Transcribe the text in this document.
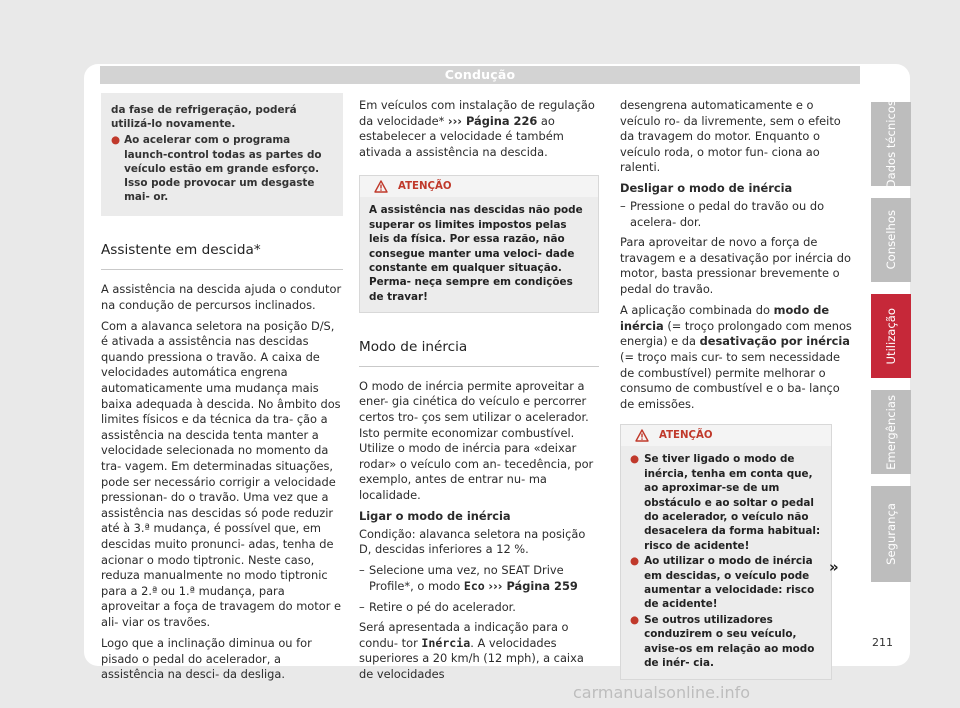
Condução
da fase de refrigeração, poderá utilizá-lo novamente.
● Ao acelerar com o programa launch-control todas as partes do veículo estão em grande esforço. Isso pode provocar um desgaste mai- or.
Assistente em descida*

A assistência na descida ajuda o condutor na condução de percursos inclinados.

Com a alavanca seletora na posição D/S, é ativada a assistência nas descidas quando pressiona o travão. A caixa de velocidades automática engrena automaticamente uma mudança mais baixa adequada à descida. No âmbito dos limites físicos e da técnica da tra- ção a assistência na descida tenta manter a velocidade selecionada no momento da tra- vagem. Em determinadas situações, pode ser necessário corrigir a velocidade pressionan- do o travão. Uma vez que a assistência nas descidas só pode reduzir até à 3.ª mudança, é possível que, em descidas muito pronunci- adas, tenha de acionar o modo tiptronic. Neste caso, reduza manualmente no modo tiptronic para a 2.ª ou 1.ª mudança, para aproveitar a foça de travagem do motor e ali- viar os travões.

Logo que a inclinação diminua ou for pisado o pedal do acelerador, a assistência na desci- da desliga.

Em veículos com instalação de regulação da velocidade* ››› Página 226 ao estabelecer a velocidade é também ativada a assistência na descida.

ATENÇÃO
A assistência nas descidas não pode superar os limites impostos pelas leis da física. Por essa razão, não consegue manter uma veloci- dade constante em qualquer situação. Perma- neça sempre em condições de travar!
Modo de inércia

O modo de inércia permite aproveitar a ener- gia cinética do veículo e percorrer certos tro- ços sem utilizar o acelerador. Isto permite economizar combustível. Utilize o modo de inércia para «deixar rodar» o veículo com an- tecedência, por exemplo, antes de entrar nu- ma localidade.

Ligar o modo de inércia

Condição: alavanca seletora na posição D, descidas inferiores a 12 %.

– Selecione uma vez, no SEAT Drive Profile*, o modo Eco ››› Página 259
– Retire o pé do acelerador.

Será apresentada a indicação para o condu- tor Inércia. A velocidades superiores a 20 km/h (12 mph), a caixa de velocidades

desengrena automaticamente e o veículo ro- da livremente, sem o efeito da travagem do motor. Enquanto o veículo roda, o motor fun- ciona ao ralenti.

Desligar o modo de inércia

– Pressione o pedal do travão ou do acelera- dor.

Para aproveitar de novo a força de travagem e a desativação por inércia do motor, basta pressionar brevemente o pedal do travão.

A aplicação combinada do modo de inércia (= troço prolongado com menos energia) e da desativação por inércia (= troço mais cur- to sem necessidade de combustível) permite melhorar o consumo de combustível e o ba- lanço de emissões.

ATENÇÃO
● Se tiver ligado o modo de inércia, tenha em conta que, ao aproximar-se de um obstáculo e ao soltar o pedal do acelerador, o veículo não desacelera da forma habitual: risco de acidente!
● Ao utilizar o modo de inércia em descidas, o veículo pode aumentar a velocidade: risco de acidente!
● Se outros utilizadores conduzirem o seu veículo, avise-os em relação ao modo de inér- cia.
»
Dados técnicos
Conselhos
Utilização
Emergências
Segurança
211
carmanualsonline.info
